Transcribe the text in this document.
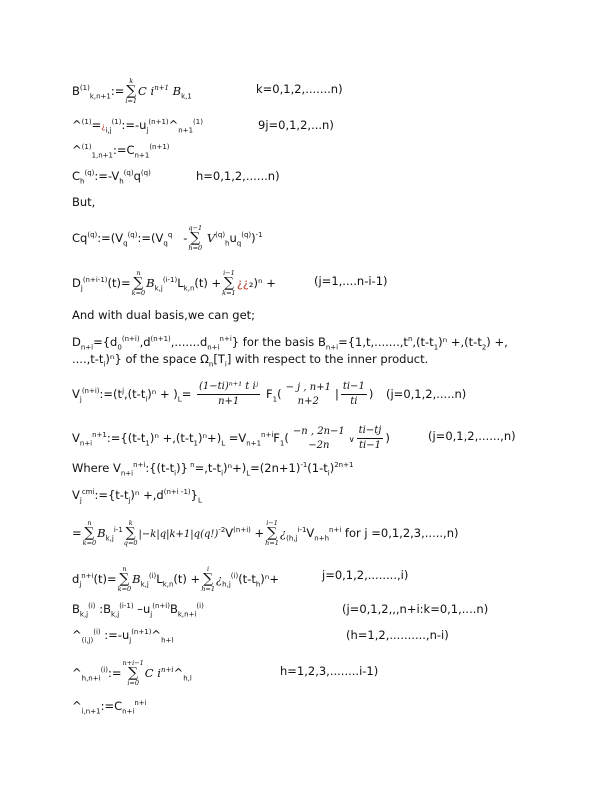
$B^{(1)}_{k,n+1}:=$
k
∑
i=1
C $i^{n+1}$ $B_{k,1}$
k=0,1,2,.......n)
$\^{}^{(1)}=¿_{i,j}^{(1)}:=-u_j^{(n+1)}\^{}_{n+1}^{(1)}$	9j=0,1,2,...n)
$\^{}^{(1)}_{1,n+1}:=C_{n+1}^{(n+1)}$
$C_h^{(q)}:=-V_h^{(q)}q^{(q)}$	h=0,1,2,......n)
But,
$Cq^{(q)}:=(V_q^{(q)}:=(V_q^q$ -
q−1
∑
h=0
$V^{(q)}_hu_q^{(q)})^{-1}$
$D_j^{(n+i-1)}(t)=$
n
∑
k=0
$B_{k,j}^{(i-1)}L_{k,n}(t)$ +
i−1
∑
k=1
¿¿₂)ⁿ +	(j=1,....n-i-1)
And with dual basis,we can get;
$D_{n+i}=\{d_0^{(n+i)},d^{(n+1)},.......d_{n+i}^{n+i}\}$ for the basis $B_{n+i}=\{1,t,.......,t^n,(t-t_1)^n +,(t-t_2)$ +,
$....,t-t_i)^n$} of the space $\Omega_n[T_i]$ with respect to the inner product.
$V_j^{(n+i)}:=(t^j,(t-t_i)^n + )_L= \frac{\text{(1−ti)ⁿ⁺¹ t iʲ}}{n+1} F_1( - j$ , n+1
n+2	| $\frac{ti-1}{ti}$ ) (j=0,1,2,.....n)
$V_{n+i}^{n+1}:=\{(t-t_1)^n +,(t-t_1)^n+)_L =V_{n+1}^{n+i}F_1( -n$ , 2n−1
−2n	∨ $\frac{ti-tj}{ti-1}$ )	(j=0,1,2,......,n)
Where $V_{n+i}^{n+i}:\{(t-t_i)\}$ $^n=,t-t_i)^n+)_L=(2n+1)^{-1}(1-t_i)^{2n+1}$
$V_j^{cmi}:=\{t-t_j)^n +,d^{(n+i -1)}\}_L$
=
n
∑
k=0
$B_{k,j}^{i-1}$
k
∑
q=0
$|-k|q|k+1|q(q!)^{-2}V^{(n+i)}$ +
i−1
∑
h=1
¿$_{(h,j}^{i-1}V_{n+h}^{n+i}$ for j =0,1,2,3,.....,n)
$d_j^{n+i}(t)=$
n
∑
k=0
$B_{k,j}^{(i)}L_{k,n}(t)$ +
i
∑
h=1
¿$_{h,j}^{(i)}(t-t_h)^n+$	j=0,1,2,........,i)
$B_{k,j}^{(i)}$ $:B_{k,j}^{(i-1)}$ $-u_j^{(n+i)}B_{k,n+i}^{(i)}$	(j=0,1,2,,,n+i:k=0,1,....n)
$\^{}_{(i,j)}^{(i)}$ $:=-u_j^{(n+1)}\^{}_{h+l}$	(h=1,2,..........,n-i)
$\^{}_{h,n+i}^{(i)}:=$
n+i−1
∑
i=0
C $i^{n+i}\^{}_{h,l}$
h=1,2,3,........i-1)
$\^{}_{i,n+1}:=C_{n+i}^{n+i}$
